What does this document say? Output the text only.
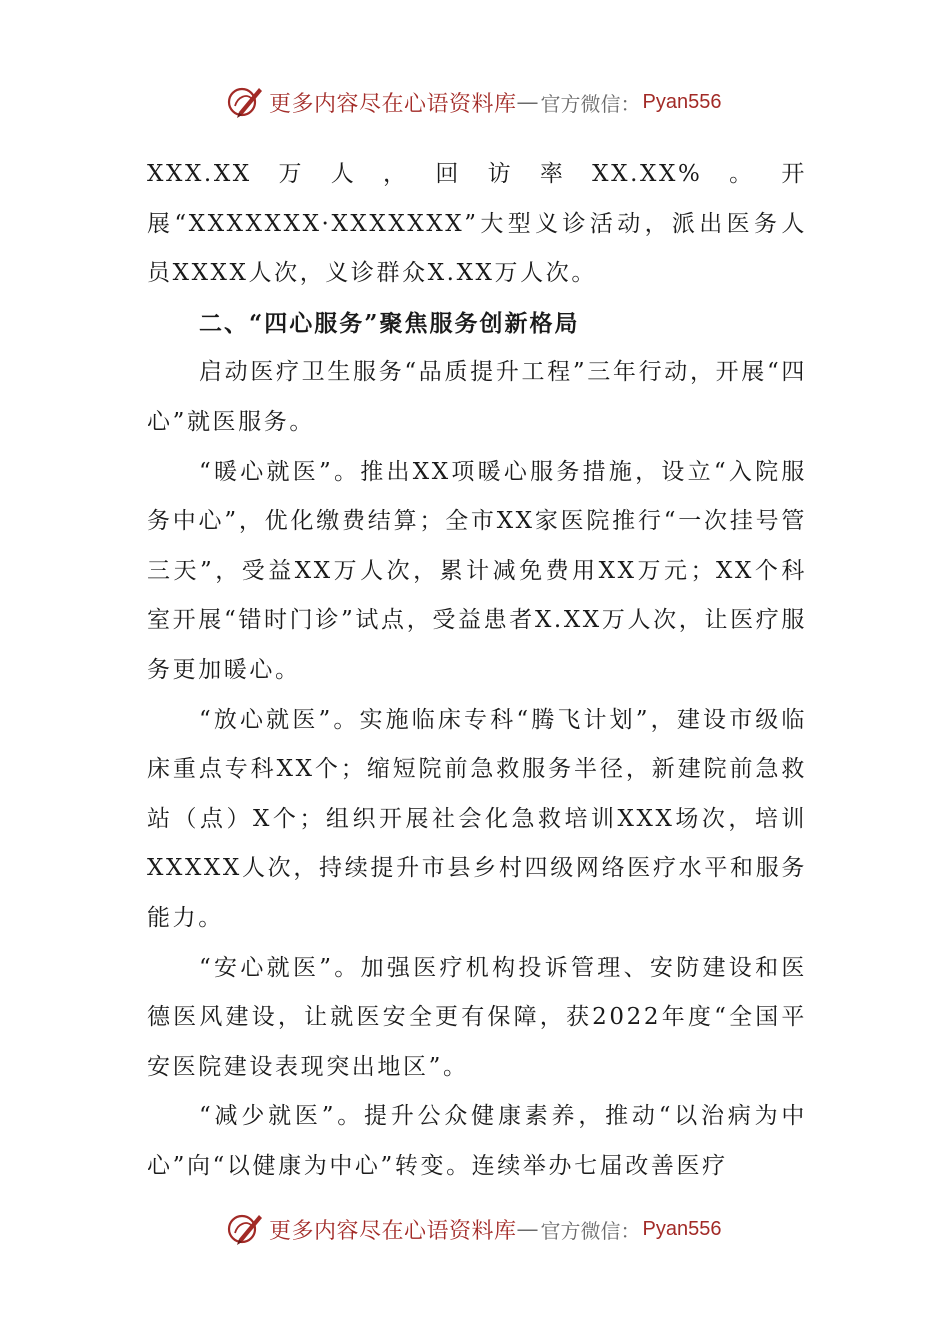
更多内容尽在心语资料库 — 官方微信： Pyan556

XXX.XX万人，回访率XX.XX%。开展“XXXXXXX·XXXXXXX”大型义诊活动，派出医务人员XXXX人次，义诊群众X.XX万人次。

二、“四心服务”聚焦服务创新格局

启动医疗卫生服务“品质提升工程”三年行动，开展“四心”就医服务。

“暖心就医”。推出XX项暖心服务措施，设立“入院服务中心”，优化缴费结算；全市XX家医院推行“一次挂号管三天”，受益XX万人次，累计减免费用XX万元；XX个科室开展“错时门诊”试点，受益患者X.XX万人次，让医疗服务更加暖心。

“放心就医”。实施临床专科“腾飞计划”，建设市级临床重点专科XX个；缩短院前急救服务半径，新建院前急救站（点）X个；组织开展社会化急救培训XXX场次，培训XXXXX人次，持续提升市县乡村四级网络医疗水平和服务能力。

“安心就医”。加强医疗机构投诉管理、安防建设和医德医风建设，让就医安全更有保障，获2022年度“全国平安医院建设表现突出地区”。

“减少就医”。提升公众健康素养，推动“以治病为中心”向“以健康为中心”转变。连续举办七届改善医疗

更多内容尽在心语资料库 — 官方微信： Pyan556
